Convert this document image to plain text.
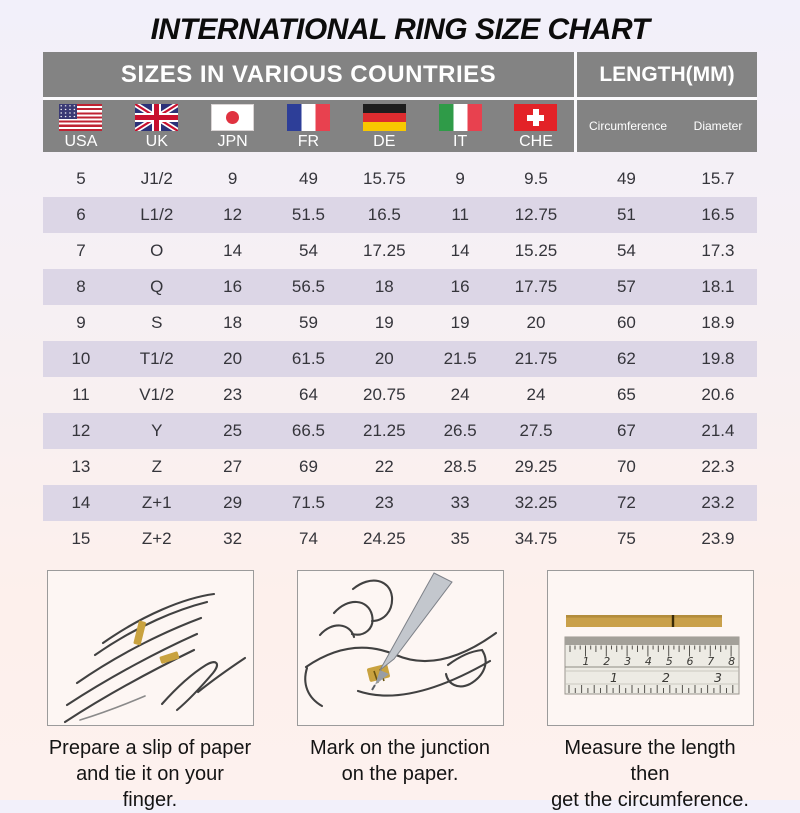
INTERNATIONAL RING SIZE CHART
SIZES IN VARIOUS COUNTRIES	LENGTH(MM)
USA	UK	JPN	FR	DE	IT	CHE
Circumference	Diameter
5	J1/2	9	49	15.75	9	9.5	49	15.7
6	L1/2	12	51.5	16.5	11	12.75	51	16.5
7	O	14	54	17.25	14	15.25	54	17.3
8	Q	16	56.5	18	16	17.75	57	18.1
9	S	18	59	19	19	20	60	18.9
10	T1/2	20	61.5	20	21.5	21.75	62	19.8
11	V1/2	23	64	20.75	24	24	65	20.6
12	Y	25	66.5	21.25	26.5	27.5	67	21.4
13	Z	27	69	22	28.5	29.25	70	22.3
14	Z+1	29	71.5	23	33	32.25	72	23.2
15	Z+2	32	74	24.25	35	34.75	75	23.9
Prepare a slip of paper
and tie it on your finger.
Mark on the junction
on the paper.
1 2 3 4 5 6 7 8
1	2	3
Measure the length then
get the circumference.
